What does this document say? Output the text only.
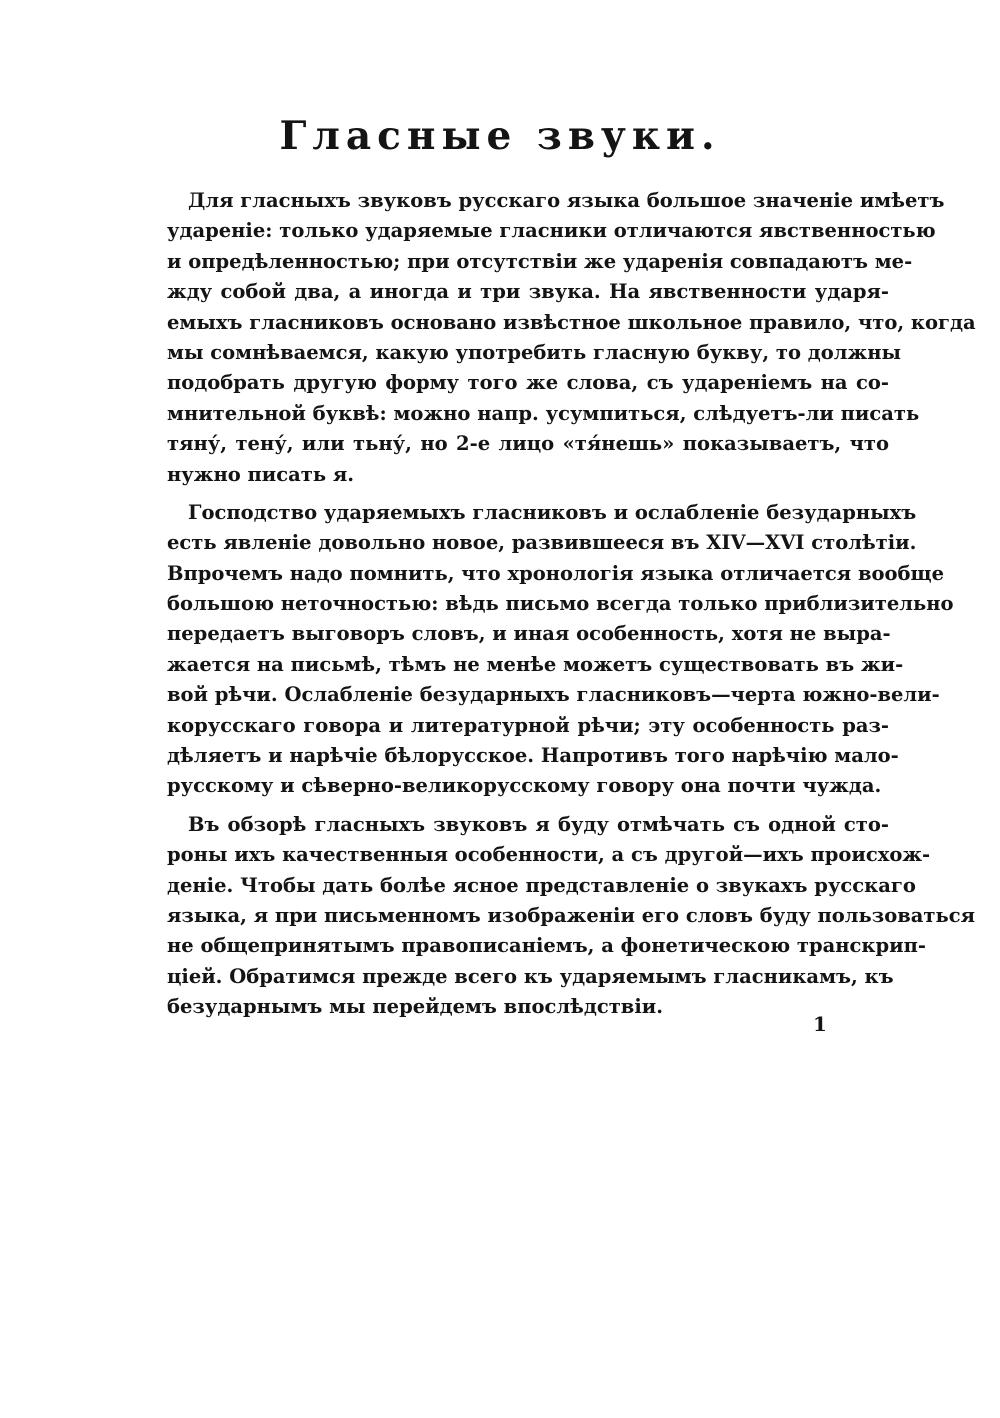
Гласные звуки.
Для гласныхъ звуковъ русскаго языка большое значеніе имѣетъ
удареніе: только ударяемые гласники отличаются явственностью
и опредѣленностью; при отсутствіи же ударенія совпадаютъ ме-
жду собой два, а иногда и три звука. На явственности ударя-
емыхъ гласниковъ основано извѣстное школьное правило, что, когда
мы сомнѣваемся, какую употребить гласную букву, то должны
подобрать другую форму того же слова, съ удареніемъ на со-
мнительной буквѣ: можно напр. усумпиться, слѣдуетъ-ли писать
тяну́, тену́, или тьну́, но 2-е лицо «тя́нешь» показываетъ, что
нужно писать я.
Господство ударяемыхъ гласниковъ и ослабленіе безударныхъ
есть явленіе довольно новое, развившееся въ XIV—XVI столѣтіи.
Впрочемъ надо помнить, что хронологія языка отличается вообще
большою неточностью: вѣдь письмо всегда только приблизительно
передаетъ выговоръ словъ, и иная особенность, хотя не выра-
жается на письмѣ, тѣмъ не менѣе можетъ существовать въ жи-
вой рѣчи. Ослабленіе безударныхъ гласниковъ—черта южно-вели-
корусскаго говора и литературной рѣчи; эту особенность раз-
дѣляетъ и нарѣчіе бѣлорусское. Напротивъ того нарѣчію мало-
русскому и сѣверно-великорусскому говору она почти чужда.
Въ обзорѣ гласныхъ звуковъ я буду отмѣчать съ одной сто-
роны ихъ качественныя особенности, а съ другой—ихъ происхож-
деніе. Чтобы дать болѣе ясное представленіе о звукахъ русскаго
языка, я при письменномъ изображеніи его словъ буду пользоваться
не общепринятымъ правописаніемъ, а фонетическою транскрип-
ціей. Обратимся прежде всего къ ударяемымъ гласникамъ, къ
безударнымъ мы перейдемъ впослѣдствіи.
1
